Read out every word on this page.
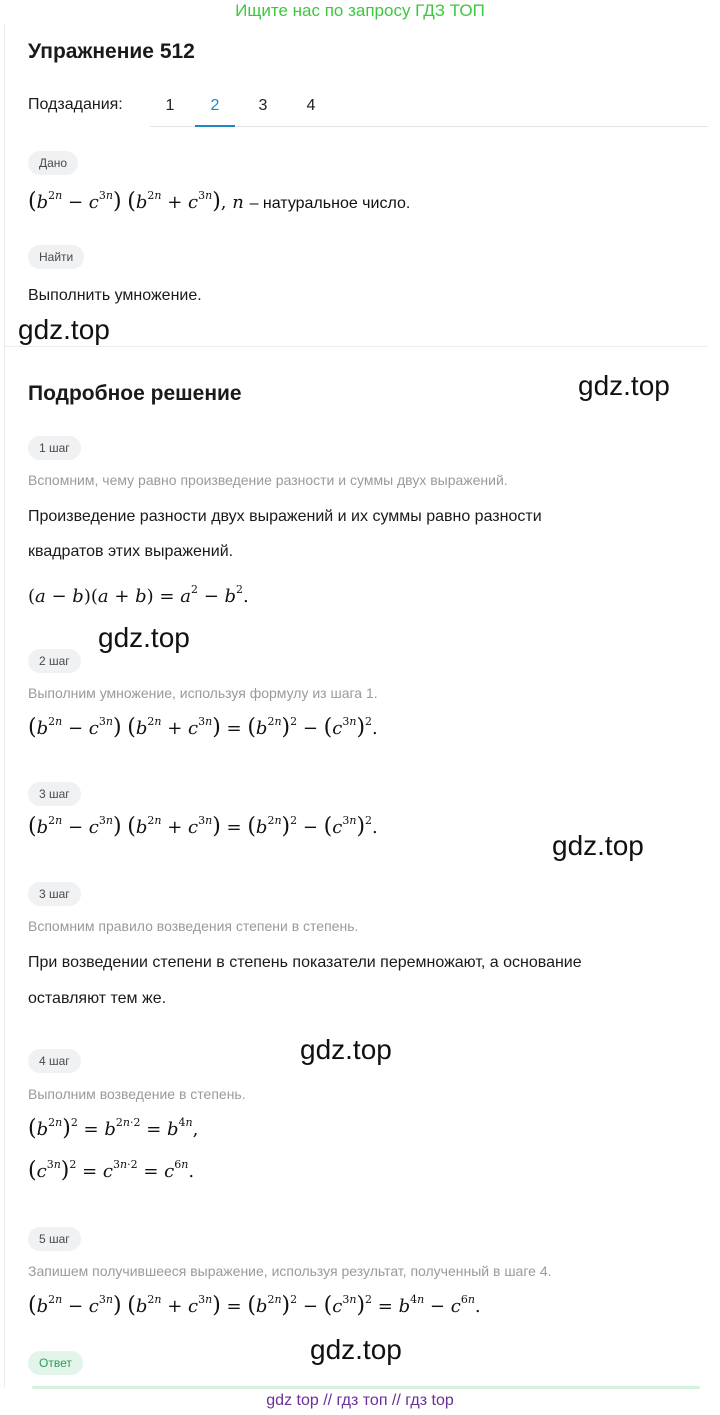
Ищите нас по запросу ГДЗ ТОП
Упражнение 512
Подзадания:	1	2	3	4
Дано
$(b^{2n} - c^{3n}) (b^{2n} + c^{3n})$, n – натуральное число.
Найти
Выполнить умножение.
gdz.top
Подробное решение	gdz.top
1 шаг
Вспомним, чему равно произведение разности и суммы двух выражений.
Произведение разности двух выражений и их суммы равно разности
квадратов этих выражений.
$(a - b)(a + b) = a^2 - b^2$.
gdz.top
2 шаг
Выполним умножение, используя формулу из шага 1.
$(b^{2n} - c^{3n}) (b^{2n} + c^{3n}) = (b^{2n})^2 - (c^{3n})^2$.
3 шаг
$(b^{2n} - c^{3n}) (b^{2n} + c^{3n}) = (b^{2n})^2 - (c^{3n})^2$.
gdz.top
3 шаг
Вспомним правило возведения степени в степень.
При возведении степени в степень показатели перемножают, а основание
оставляют тем же.
gdz.top
4 шаг
Выполним возведение в степень.
$(b^{2n})^2 = b^{2n\cdot 2} = b^{4n}$,
$(c^{3n})^2 = c^{3n\cdot 2} = c^{6n}$.
5 шаг
Запишем получившееся выражение, используя результат, полученный в шаге 4.
$(b^{2n} - c^{3n}) (b^{2n} + c^{3n}) = (b^{2n})^2 - (c^{3n})^2 = b^{4n} - c^{6n}$.
Ответ	gdz.top
gdz top // гдз топ // гдз top
